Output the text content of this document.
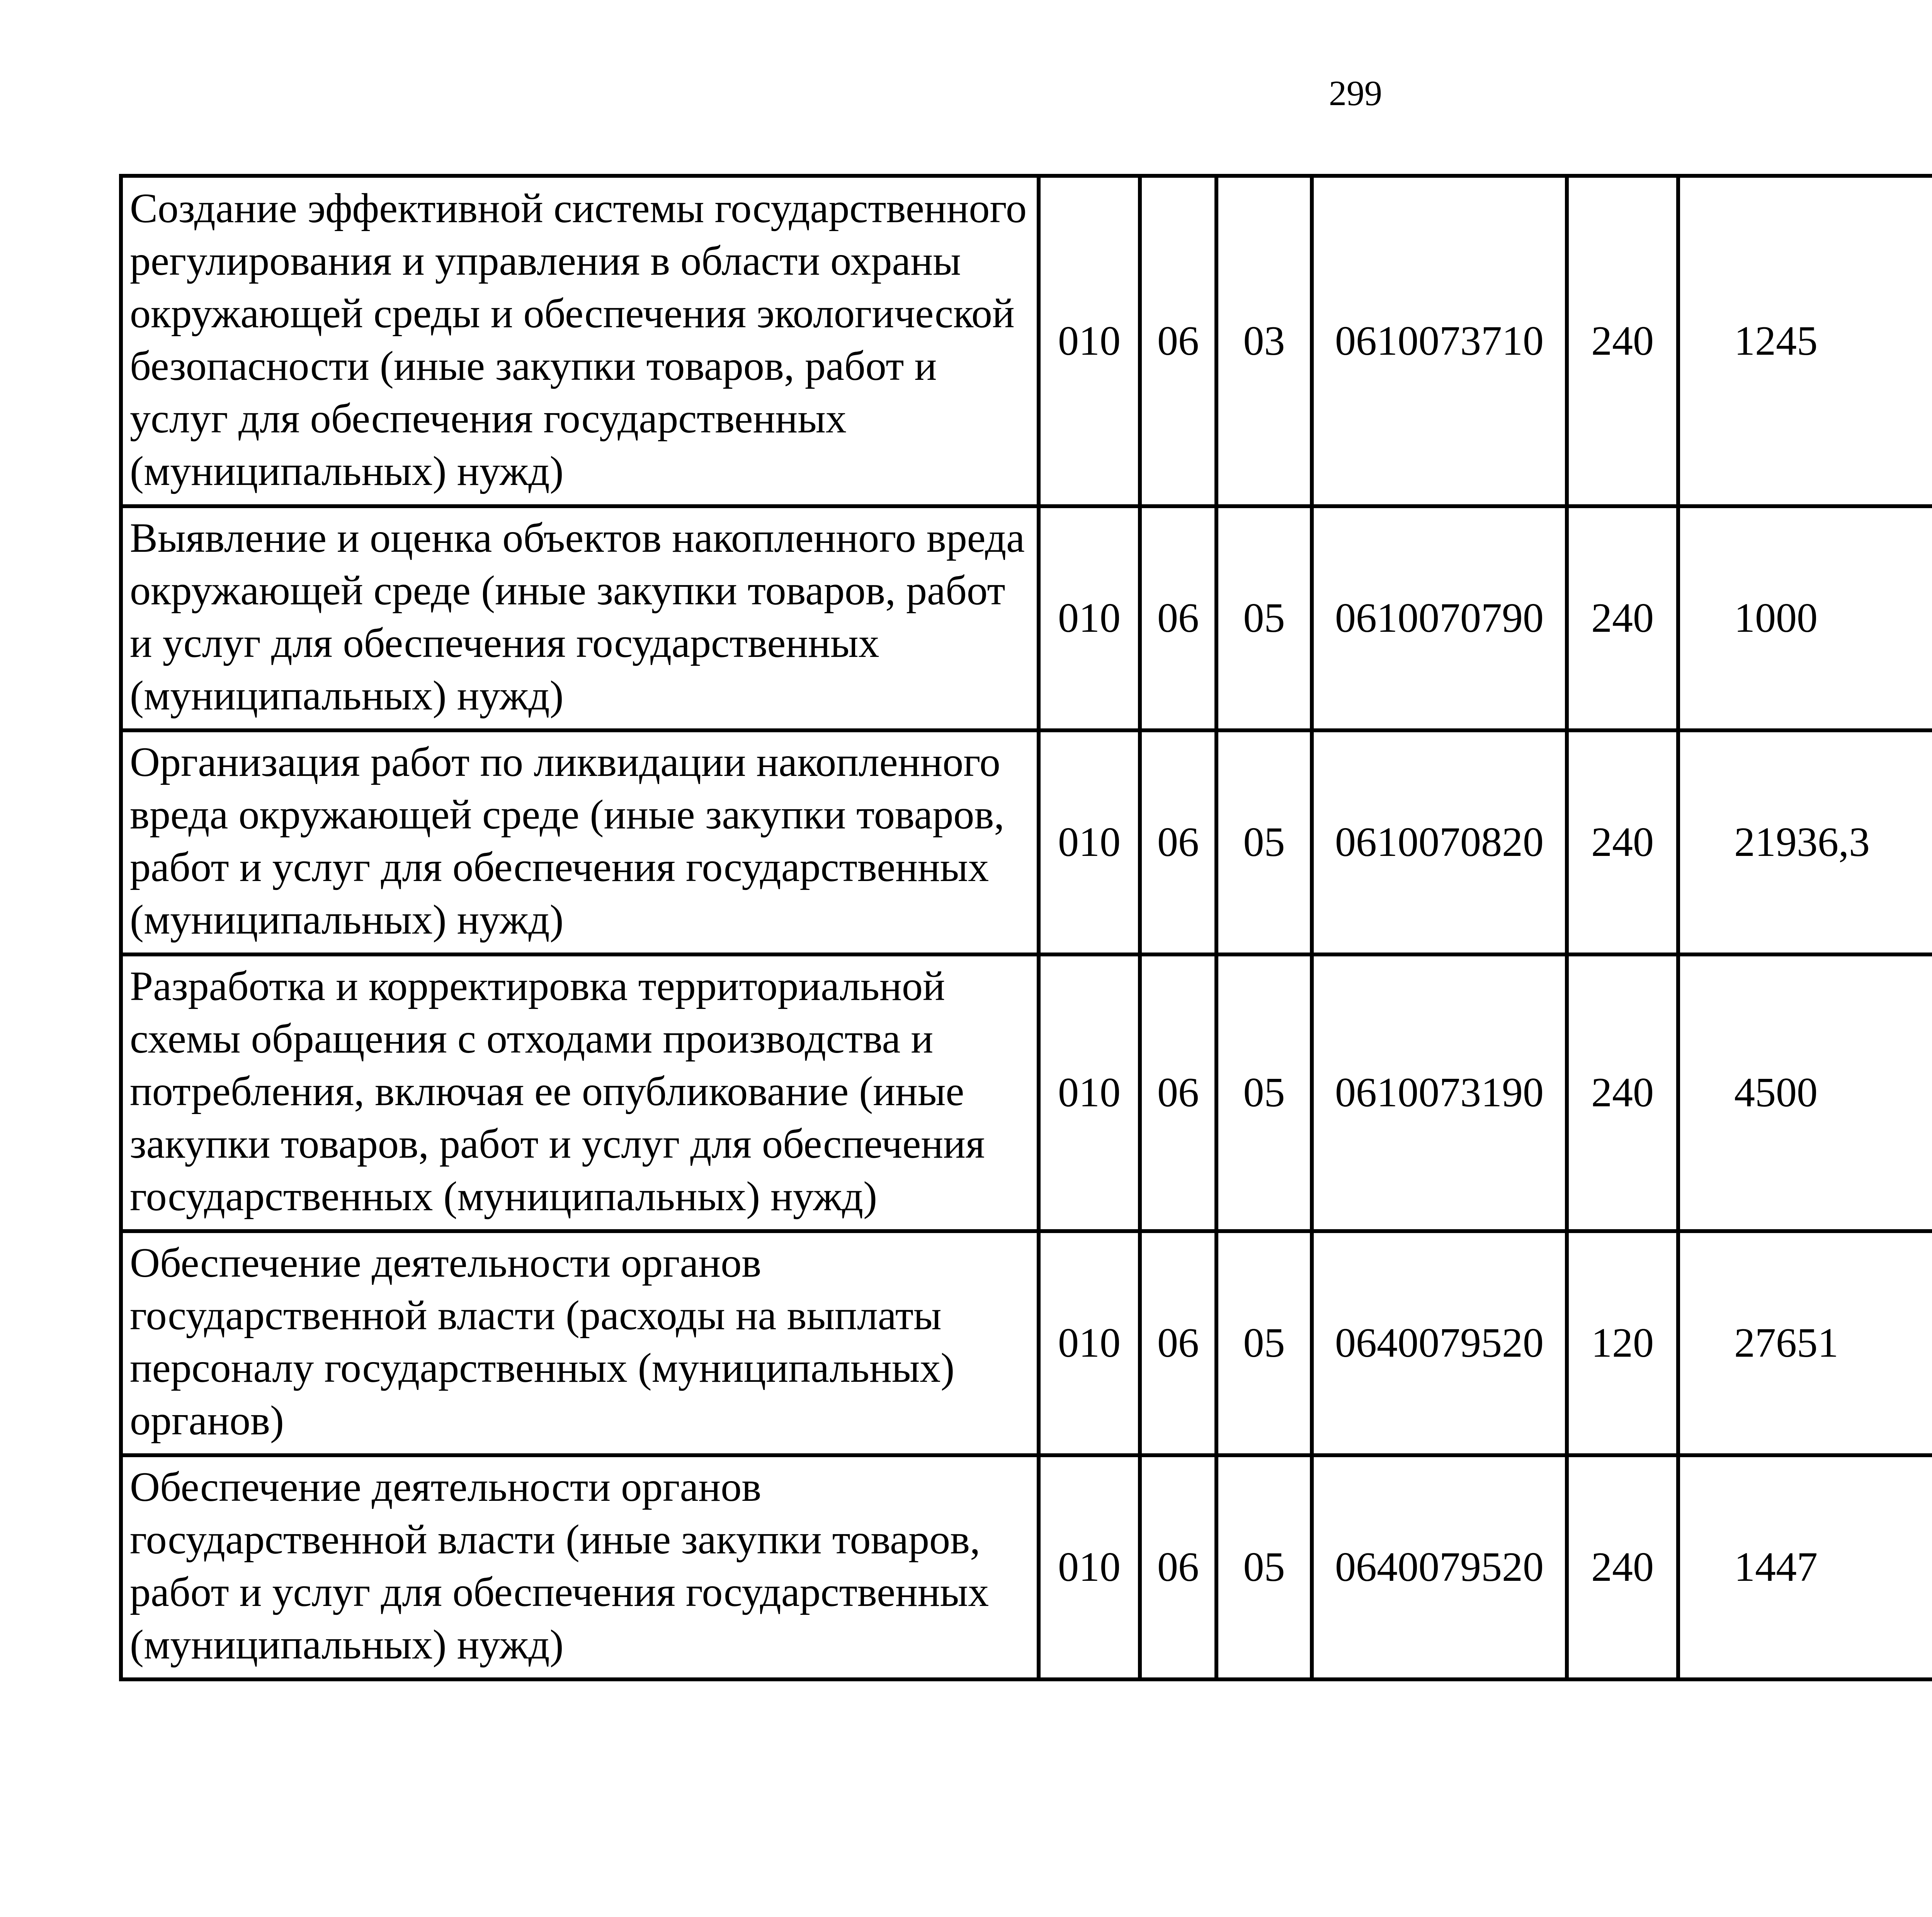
299
Создание эффективной системы государственного регулирования и управления в области охраны окружающей среды и обеспечения экологической безопасности (иные закупки товаров, работ и услуг для обеспечения государственных (муниципальных) нужд)	010	06	03	0610073710	240	1245		
Выявление и оценка объектов накопленного вреда окружающей среде (иные закупки товаров, работ и услуг для обеспечения государственных (муниципальных) нужд)	010	06	05	0610070790	240	1000		
Организация работ по ликвидации накопленного вреда окружающей среде (иные закупки товаров, работ и услуг для обеспечения государственных (муниципальных) нужд)	010	06	05	0610070820	240	21936,3		
Разработка и корректировка территориальной схемы обращения с отходами производства и потребления, включая ее опубликование (иные закупки товаров, работ и услуг для обеспечения государственных (муниципальных) нужд)	010	06	05	0610073190	240	4500		
Обеспечение деятельности органов государственной власти (расходы на выплаты персоналу государственных (муниципальных) органов)	010	06	05	0640079520	120	27651		
Обеспечение деятельности органов государственной власти (иные закупки товаров, работ и услуг для обеспечения государственных (муниципальных) нужд)	010	06	05	0640079520	240	1447		
